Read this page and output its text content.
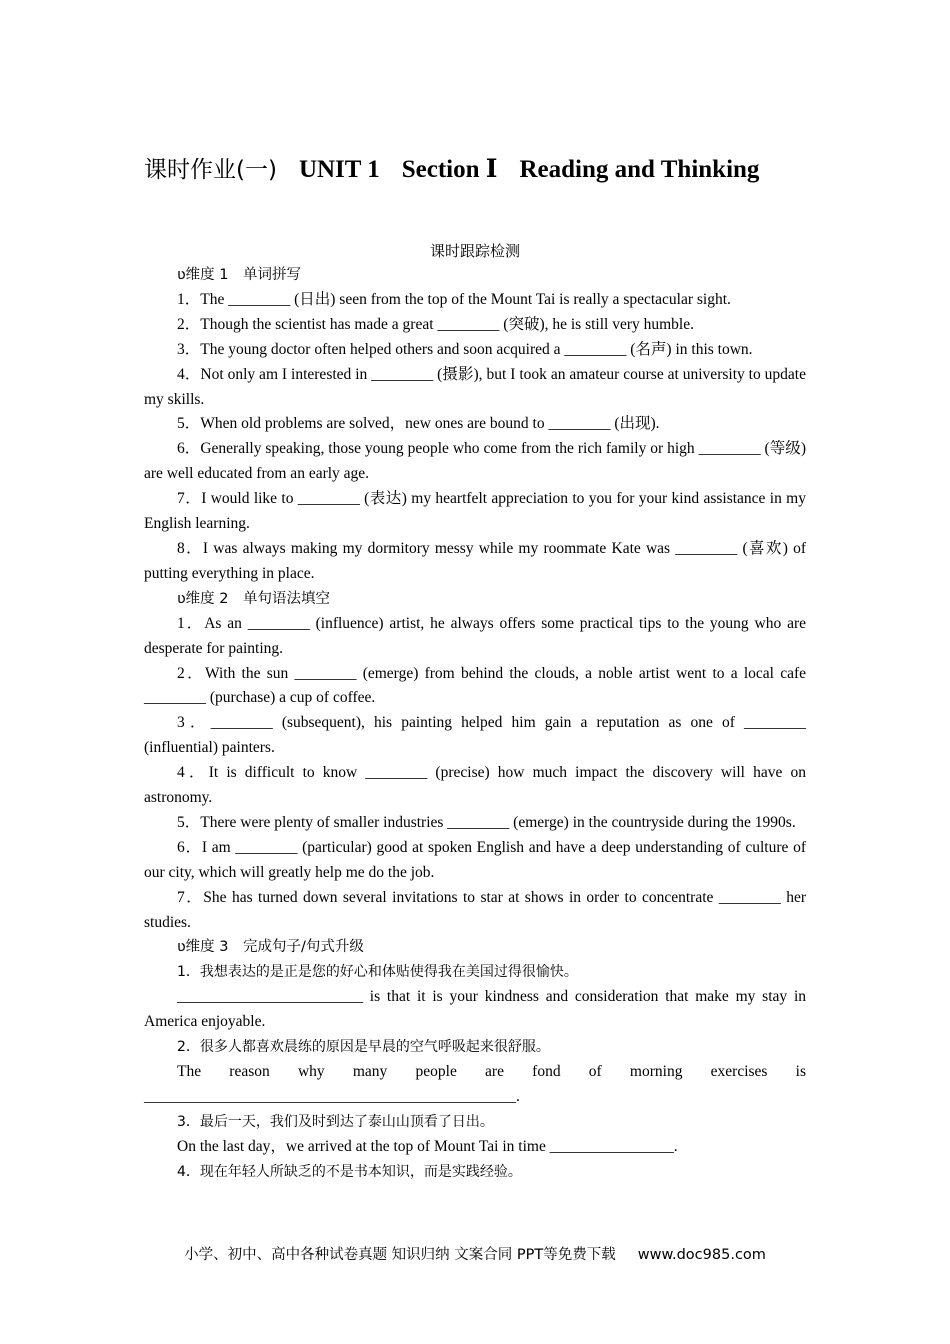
课时作业(一) UNIT 1 Section Ⅰ Reading and Thinking
课时跟踪检测

ʋ维度 1　单词拼写

1．The ________ (日出) seen from the top of the Mount Tai is really a spectacular sight.

2．Though the scientist has made a great ________ (突破), he is still very humble.

3．The young doctor often helped others and soon acquired a ________ (名声) in this town.

4．Not only am I interested in ________ (摄影), but I took an amateur course at university to update my skills.

5．When old problems are solved，new ones are bound to ________ (出现).

6．Generally speaking, those young people who come from the rich family or high ________ (等级) are well educated from an early age.

7．I would like to ________ (表达) my heartfelt appreciation to you for your kind assistance in my English learning.

8．I was always making my dormitory messy while my roommate Kate was ________ (喜欢) of putting everything in place.

ʋ维度 2　单句语法填空

1．As an ________ (influence) artist, he always offers some practical tips to the young who are desperate for painting.

2．With the sun ________ (emerge) from behind the clouds, a noble artist went to a local cafe ________ (purchase) a cup of coffee.

3．________ (subsequent), his painting helped him gain a reputation as one of ________ (influential) painters.

4．It is difficult to know ________ (precise) how much impact the discovery will have on astronomy.

5．There were plenty of smaller industries ________ (emerge) in the countryside during the 1990s.

6．I am ________ (particular) good at spoken English and have a deep understanding of culture of our city, which will greatly help me do the job.

7．She has turned down several invitations to star at shows in order to concentrate ________ her studies.

ʋ维度 3　完成句子/句式升级

1．我想表达的是正是您的好心和体贴使得我在美国过得很愉快。

________________________ is that it is your kindness and consideration that make my stay in America enjoyable.

2．很多人都喜欢晨练的原因是早晨的空气呼吸起来很舒服。

The reason why many people are fond of morning exercises is ________________________________________________.

3．最后一天，我们及时到达了泰山山顶看了日出。

On the last day，we arrived at the top of Mount Tai in time ________________.

4．现在年轻人所缺乏的不是书本知识，而是实践经验。

小学、初中、高中各种试卷真题 知识归纳 文案合同 PPT等免费下载 www.doc985.com
